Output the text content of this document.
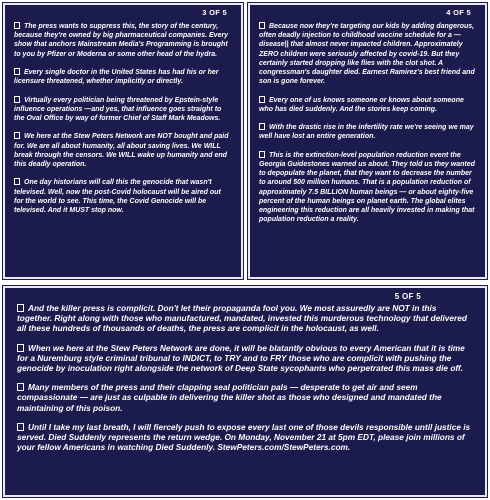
3 OF 5

The press wants to suppress this, the story of the century, because they're owned by big pharmaceutical companies. Every show that anchors Mainstream Media's Programming is brought to you by Pfizer or Moderna or some other head of the hydra.

Every single doctor in the United States has had his or her licensure threatened, whether implicitly or directly.

Virtually every politician being threatened by Epstein-style influence operations —and yes, that influence goes straight to the Oval Office by way of former Chief of Staff Mark Meadows.

We here at the Stew Peters Network are NOT bought and paid for. We are all about humanity, all about saving lives. We WILL break through the censors. We WILL wake up humanity and end this deadly operation.

One day historians will call this the genocide that wasn't televised. Well, now the post-Covid holocaust will be aired out for the world to see. This time, the Covid Genocide will be televised. And it MUST stop now.

4 OF 5

Because now they're targeting our kids by adding dangerous, often deadly injection to childhood vaccine schedule for a —disease|| that almost never impacted children. Approximately ZERO children were seriously affected by covid-19. But they certainly started dropping like flies with the clot shot. A congressman's daughter died. Earnest Ramirez's best friend and son is gone forever.

Every one of us knows someone or knows about someone who has died suddenly. And the stories keep coming.

With the drastic rise in the infertility rate we're seeing we may well have lost an entire generation.

This is the extinction-level population reduction event the Georgia Guidestones warned us about. They told us they wanted to depopulate the planet, that they want to decrease the number to around 500 million humans. That is a population reduction of approximately 7.5 BILLION human beings — or about eighty-five percent of the human beings on planet earth. The global elites engineering this reduction are all heavily invested in making that population reduction a reality.

5 OF 5

And the killer press is complicit. Don't let their propaganda fool you. We most assuredly are NOT in this together. Right along with those who manufactured, mandated, invested this murderous technology that delivered all these hundreds of thousands of deaths, the press are complicit in the holocaust, as well.

When we here at the Stew Peters Network are done, it will be blatantly obvious to every American that it is time for a Nuremburg style criminal tribunal to INDICT, to TRY and to FRY those who are complicit with pushing the genocide by inoculation right alongside the network of Deep State sycophants who perpetrated this mass die off.

Many members of the press and their clapping seal politician pals — desperate to get air and seem compassionate — are just as culpable in delivering the killer shot as those who designed and mandated the maintaining of this poison.

Until I take my last breath, I will fiercely push to expose every last one of those devils responsible until justice is served. Died Suddenly represents the return wedge. On Monday, November 21 at 5pm EDT, please join millions of your fellow Americans in watching Died Suddenly. StewPeters.com/StewPeters.com.
